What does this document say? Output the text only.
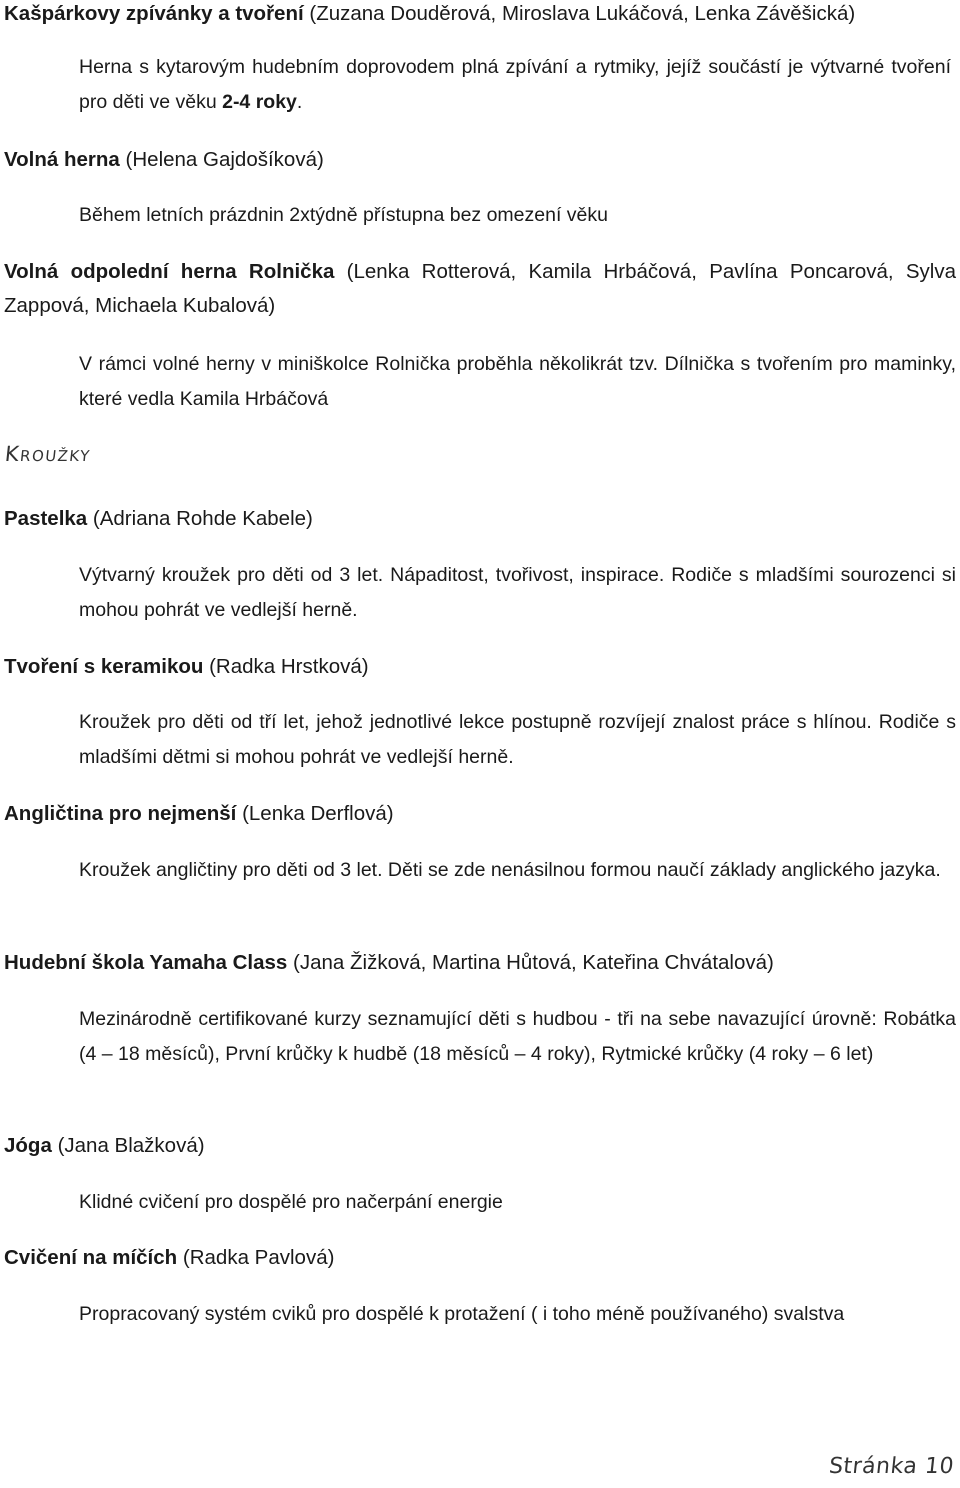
Kašpárkovy zpívánky a tvoření (Zuzana Douděrová, Miroslava Lukáčová, Lenka Závěšická)
Herna s kytarovým hudebním doprovodem plná zpívání a rytmiky, jejíž součástí je výtvarné tvoření pro děti ve věku 2-4 roky.
Volná herna (Helena Gajdošíková)
Během letních prázdnin 2xtýdně přístupna bez omezení věku
Volná odpolední herna Rolnička (Lenka Rotterová, Kamila Hrbáčová, Pavlína Poncarová, Sylva Zappová, Michaela Kubalová)
V rámci volné herny v miniškolce Rolnička proběhla několikrát tzv. Dílnička s tvořením pro maminky, které vedla Kamila Hrbáčová
Kroužky
Pastelka (Adriana Rohde Kabele)
Výtvarný kroužek pro děti od 3 let. Nápaditost, tvořivost, inspirace. Rodiče s mladšími sourozenci si mohou pohrát ve vedlejší herně.
Tvoření s keramikou (Radka Hrstková)
Kroužek pro děti od tří let, jehož jednotlivé lekce postupně rozvíjejí znalost práce s hlínou. Rodiče s mladšími dětmi si mohou pohrát ve vedlejší herně.
Angličtina pro nejmenší (Lenka Derflová)
Kroužek angličtiny pro děti od 3 let. Děti se zde nenásilnou formou naučí základy anglického jazyka.
Hudební škola Yamaha Class (Jana Žižková, Martina Hůtová, Kateřina Chvátalová)
Mezinárodně certifikované kurzy seznamující děti s hudbou - tři na sebe navazující úrovně: Robátka (4 – 18 měsíců), První krůčky k hudbě (18 měsíců – 4 roky), Rytmické krůčky (4 roky – 6 let)
Jóga (Jana Blažková)
Klidné cvičení pro dospělé pro načerpání energie
Cvičení na míčích (Radka Pavlová)
Propracovaný systém cviků pro dospělé k protažení ( i toho méně používaného) svalstva
Stránka 10
